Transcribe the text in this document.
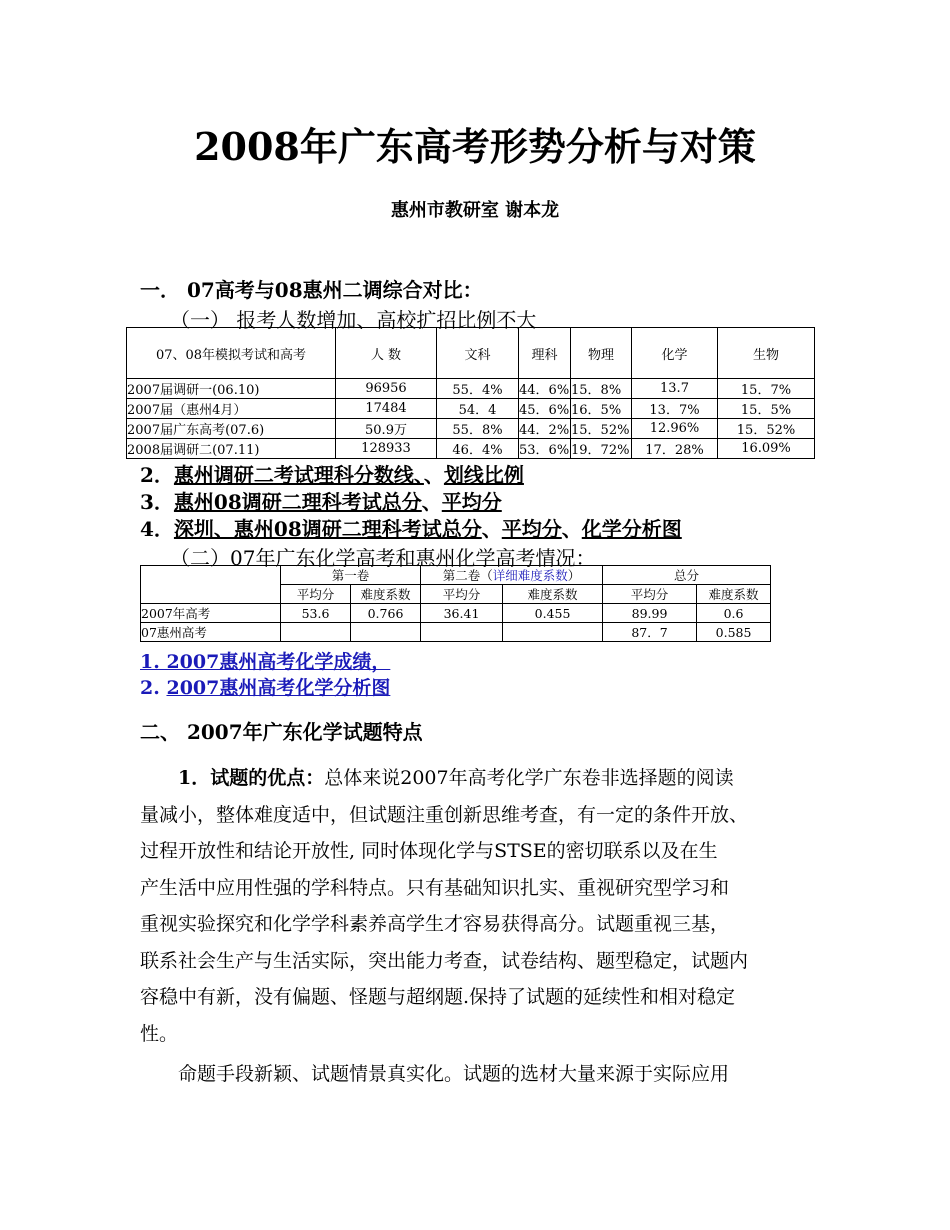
2008年广东高考形势分析与对策
惠州市教研室 谢本龙
一． 07高考与08惠州二调综合对比：
（一） 报考人数增加、高校扩招比例不大
07、08年模拟考试和高考	人 数	文科	理科	物理	化学	生物
2007届调研一(06.10)	96956	55．4%	44．6%	15．8%	13.7	15．7%
2007届（惠州4月）	17484	54．4	45．6%	16．5%	13．7%	15．5%
2007届广东高考(07.6)	50.9万	55．8%	44．2%	15．52%	12.96%	15．52%
2008届调研二(07.11)	128933	46．4%	53．6%	19．72%	17．28%	16.09%
2．惠州调研二考试理科分数线、、划线比例
3．惠州08调研二理科考试总分、平均分
4．深圳、惠州08调研二理科考试总分、平均分、化学分析图
（二）07年广东化学高考和惠州化学高考情况：
	第一卷		第二卷（详细难度系数）		总分	
	平均分	难度系数	平均分	难度系数	平均分	难度系数
2007年高考	53.6	0.766	36.41	0.455	89.99	0.6
07惠州高考					87．7	0.585
1. 2007惠州高考化学成绩，
2. 2007惠州高考化学分析图
二、 2007年广东化学试题特点
1．试题的优点：总体来说2007年高考化学广东卷非选择题的阅读
量减小，整体难度适中，但试题注重创新思维考查，有一定的条件开放、
过程开放性和结论开放性, 同时体现化学与STSE的密切联系以及在生
产生活中应用性强的学科特点。只有基础知识扎实、重视研究型学习和
重视实验探究和化学学科素养高学生才容易获得高分。试题重视三基，
联系社会生产与生活实际，突出能力考查，试卷结构、题型稳定，试题内
容稳中有新，没有偏题、怪题与超纲题.保持了试题的延续性和相对稳定
性。
命题手段新颖、试题情景真实化。试题的选材大量来源于实际应用
